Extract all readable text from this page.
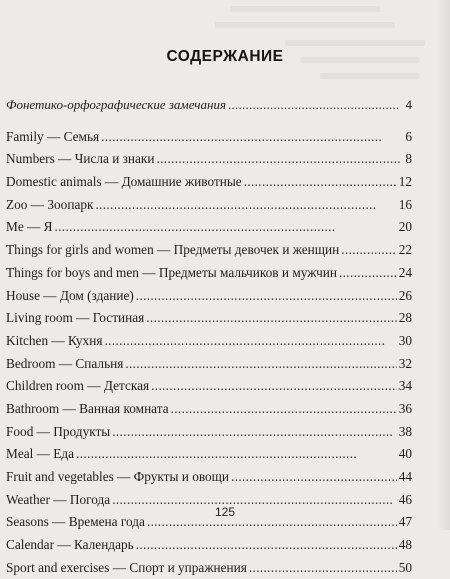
СОДЕРЖАНИЕ
Фонетико-орфографические замечания . . .	4
Family — Семья . . .	6
Numbers — Числа и знаки . . .	8
Domestic animals — Домашние животные . . .	12
Zoo — Зоопарк . . .	16
Me — Я . . .	20
Things for girls and women — Предметы девочек и женщин . . .	22
Things for boys and men — Предметы мальчиков и мужчин . . .	24
House — Дом (здание) . . .	26
Living room — Гостиная . . .	28
Kitchen — Кухня . . .	30
Bedroom — Спальня . . .	32
Children room — Детская . . .	34
Bathroom — Ванная комната . . .	36
Food — Продукты . . .	38
Meal — Еда . . .	40
Fruit and vegetables — Фрукты и овощи . . .	44
Weather — Погода . . .	46
Seasons — Времена года . . .	47
Calendar — Календарь . . .	48
Sport and exercises — Спорт и упражнения . . .	50
125
